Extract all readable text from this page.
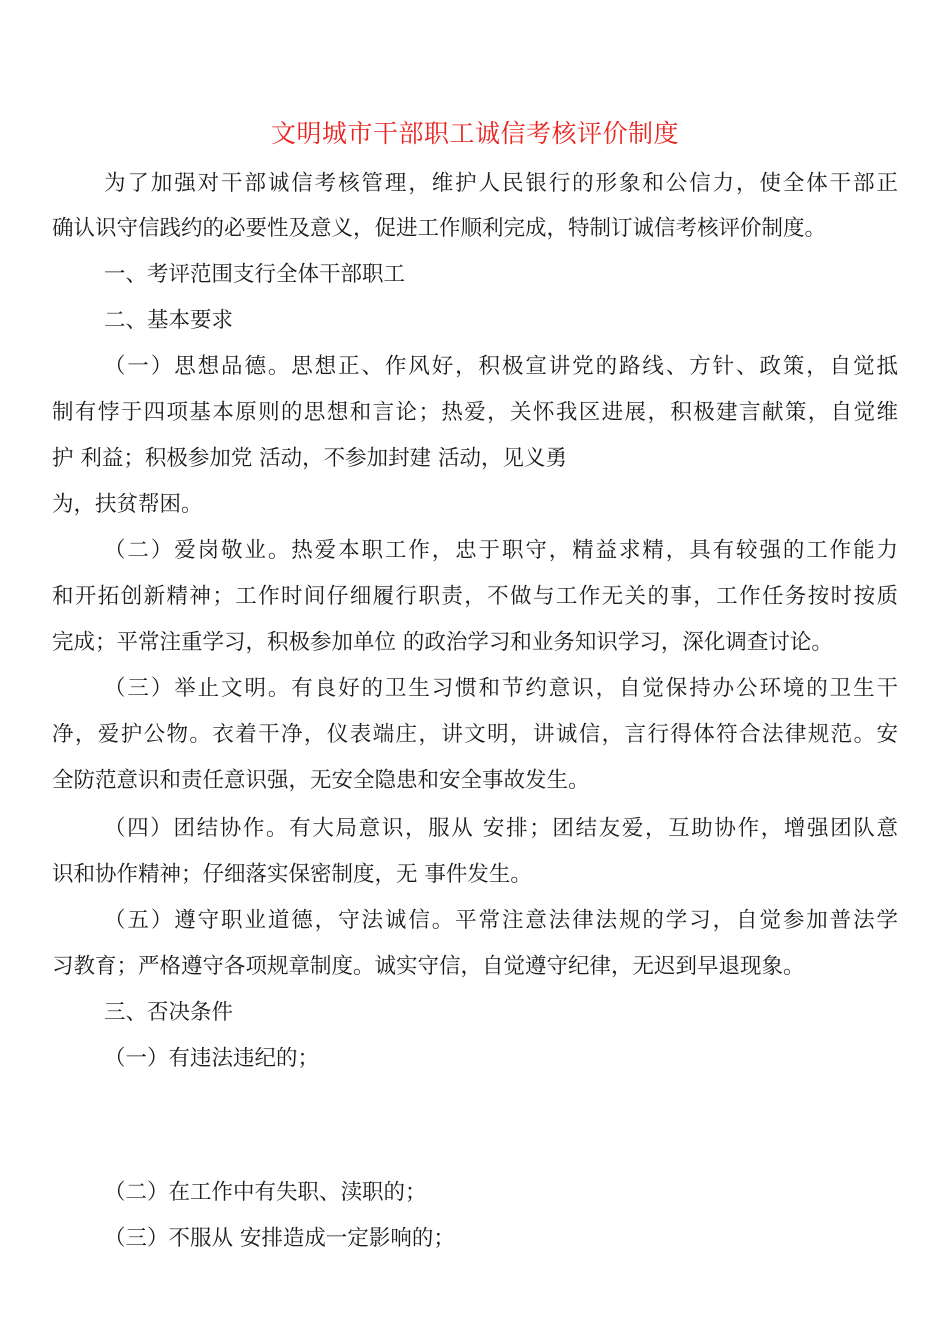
文明城市干部职工诚信考核评价制度

为了加强对干部诚信考核管理，维护人民银行的形象和公信力，使全体干部正

确认识守信践约的必要性及意义，促进工作顺利完成，特制订诚信考核评价制度。

一、考评范围支行全体干部职工

二、基本要求

（一）思想品德。思想正、作风好，积极宣讲党的路线、方针、政策，自觉抵

制有悖于四项基本原则的思想和言论；热爱，关怀我区进展，积极建言献策，自觉维

护 利益；积极参加党 活动，不参加封建 活动，见义勇

为，扶贫帮困。

（二）爱岗敬业。热爱本职工作，忠于职守，精益求精，具有较强的工作能力

和开拓创新精神；工作时间仔细履行职责，不做与工作无关的事，工作任务按时按质

完成；平常注重学习，积极参加单位 的政治学习和业务知识学习，深化调查讨论。

（三）举止文明。有良好的卫生习惯和节约意识，自觉保持办公环境的卫生干

净，爱护公物。衣着干净，仪表端庄，讲文明，讲诚信，言行得体符合法律规范。安

全防范意识和责任意识强，无安全隐患和安全事故发生。

（四）团结协作。有大局意识，服从 安排；团结友爱，互助协作，增强团队意

识和协作精神；仔细落实保密制度，无 事件发生。

（五）遵守职业道德，守法诚信。平常注意法律法规的学习，自觉参加普法学

习教育；严格遵守各项规章制度。诚实守信，自觉遵守纪律，无迟到早退现象。

三、否决条件

（一）有违法违纪的；

（二）在工作中有失职、渎职的；

（三）不服从 安排造成一定影响的；
